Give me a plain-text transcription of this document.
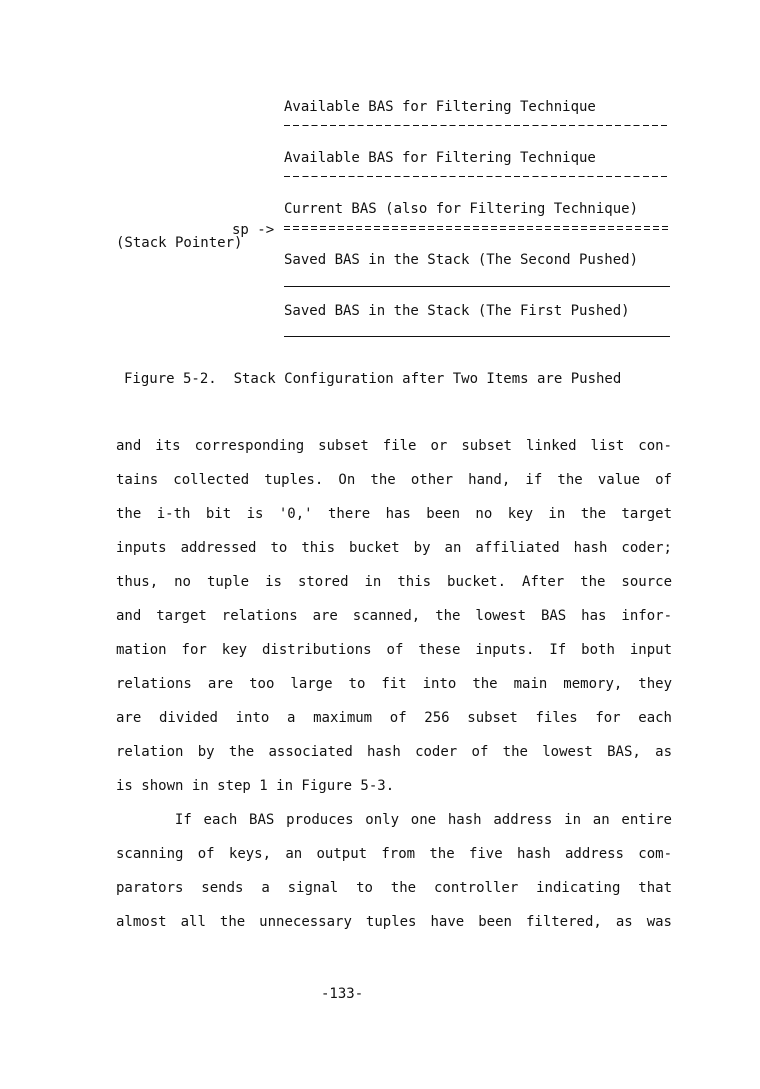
Available BAS for Filtering Technique
Available BAS for Filtering Technique
Current BAS (also for Filtering Technique)
sp ->
(Stack Pointer)
Saved BAS in the Stack (The Second Pushed)
Saved BAS in the Stack (The First Pushed)
Figure 5-2.  Stack Configuration after Two Items are Pushed
and its corresponding subset file or subset linked list con-
tains collected tuples. On the other hand, if the value of
the i-th bit is '0,' there has been no key in the target
inputs addressed to this bucket by an affiliated hash coder;
thus, no tuple is stored in this bucket. After the source
and target relations are scanned, the lowest BAS has infor-
mation for key distributions of these inputs. If both input
relations are too large to fit into the main memory, they
are divided into a maximum of 256 subset files for each
relation by the associated hash coder of the lowest BAS, as
is shown in step 1 in Figure 5-3.
If each BAS produces only one hash address in an entire
scanning of keys, an output from the five hash address com-
parators sends a signal to the controller indicating that
almost all the unnecessary tuples have been filtered, as was
-133-
